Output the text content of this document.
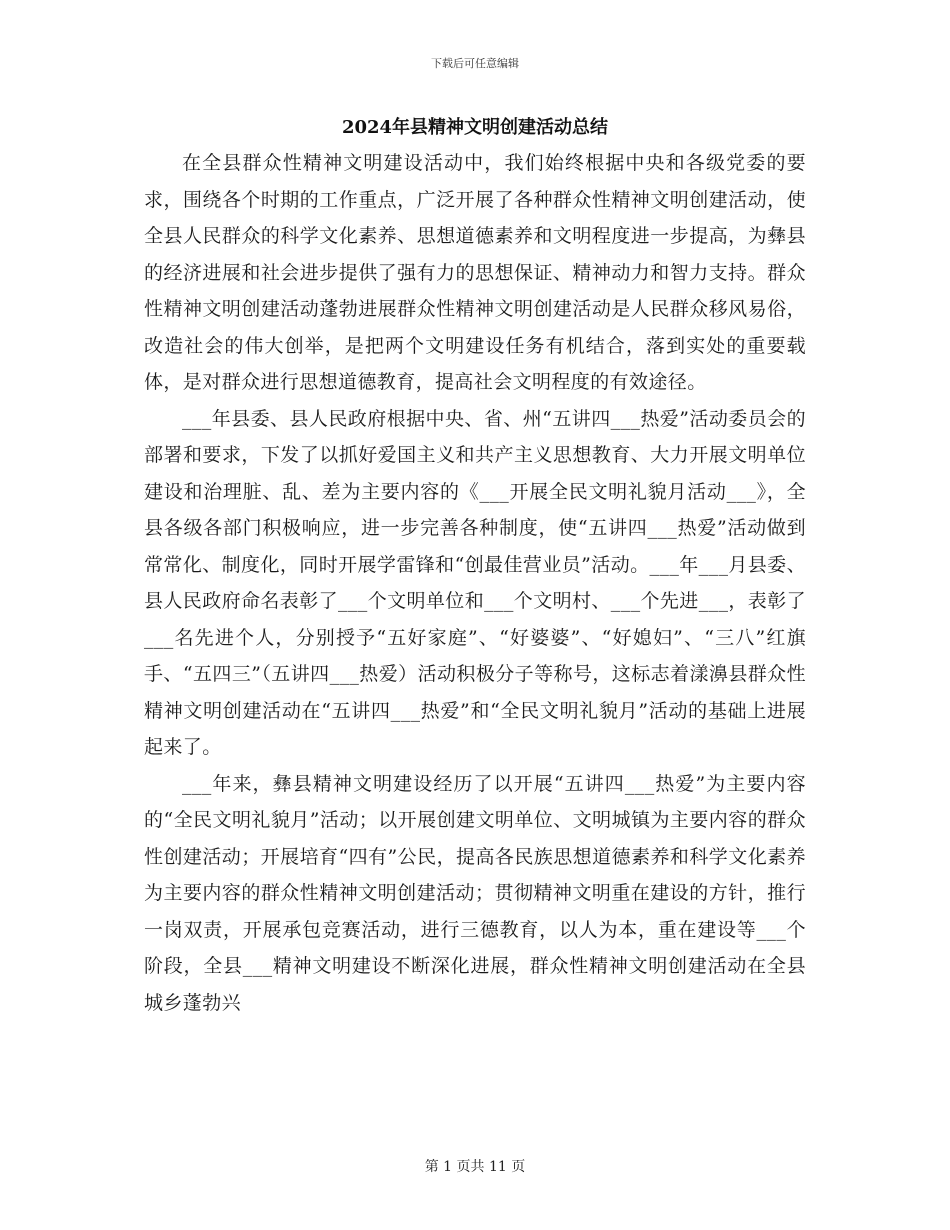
下载后可任意编辑
2024年县精神文明创建活动总结

在全县群众性精神文明建设活动中，我们始终根据中央和各级党委的要求，围绕各个时期的工作重点，广泛开展了各种群众性精神文明创建活动，使全县人民群众的科学文化素养、思想道德素养和文明程度进一步提高，为彝县的经济进展和社会进步提供了强有力的思想保证、精神动力和智力支持。群众性精神文明创建活动蓬勃进展群众性精神文明创建活动是人民群众移风易俗，改造社会的伟大创举，是把两个文明建设任务有机结合，落到实处的重要载体，是对群众进行思想道德教育，提高社会文明程度的有效途径。

___年县委、县人民政府根据中央、省、州“五讲四___热爱”活动委员会的部署和要求，下发了以抓好爱国主义和共产主义思想教育、大力开展文明单位建设和治理脏、乱、差为主要内容的《___开展全民文明礼貌月活动___》，全县各级各部门积极响应，进一步完善各种制度，使“五讲四___热爱”活动做到常常化、制度化，同时开展学雷锋和“创最佳营业员”活动。___年___月县委、县人民政府命名表彰了___个文明单位和___个文明村、___个先进___，表彰了___名先进个人，分别授予“五好家庭”、“好婆婆”、“好媳妇”、“三八”红旗手、“五四三”（五讲四___热爱）活动积极分子等称号，这标志着漾濞县群众性精神文明创建活动在“五讲四___热爱”和“全民文明礼貌月”活动的基础上进展起来了。

___年来，彝县精神文明建设经历了以开展“五讲四___热爱”为主要内容的“全民文明礼貌月”活动；以开展创建文明单位、文明城镇为主要内容的群众性创建活动；开展培育“四有”公民，提高各民族思想道德素养和科学文化素养为主要内容的群众性精神文明创建活动；贯彻精神文明重在建设的方针，推行一岗双责，开展承包竞赛活动，进行三德教育，以人为本，重在建设等___个阶段，全县___精神文明建设不断深化进展，群众性精神文明创建活动在全县城乡蓬勃兴

第 1 页共 11 页
